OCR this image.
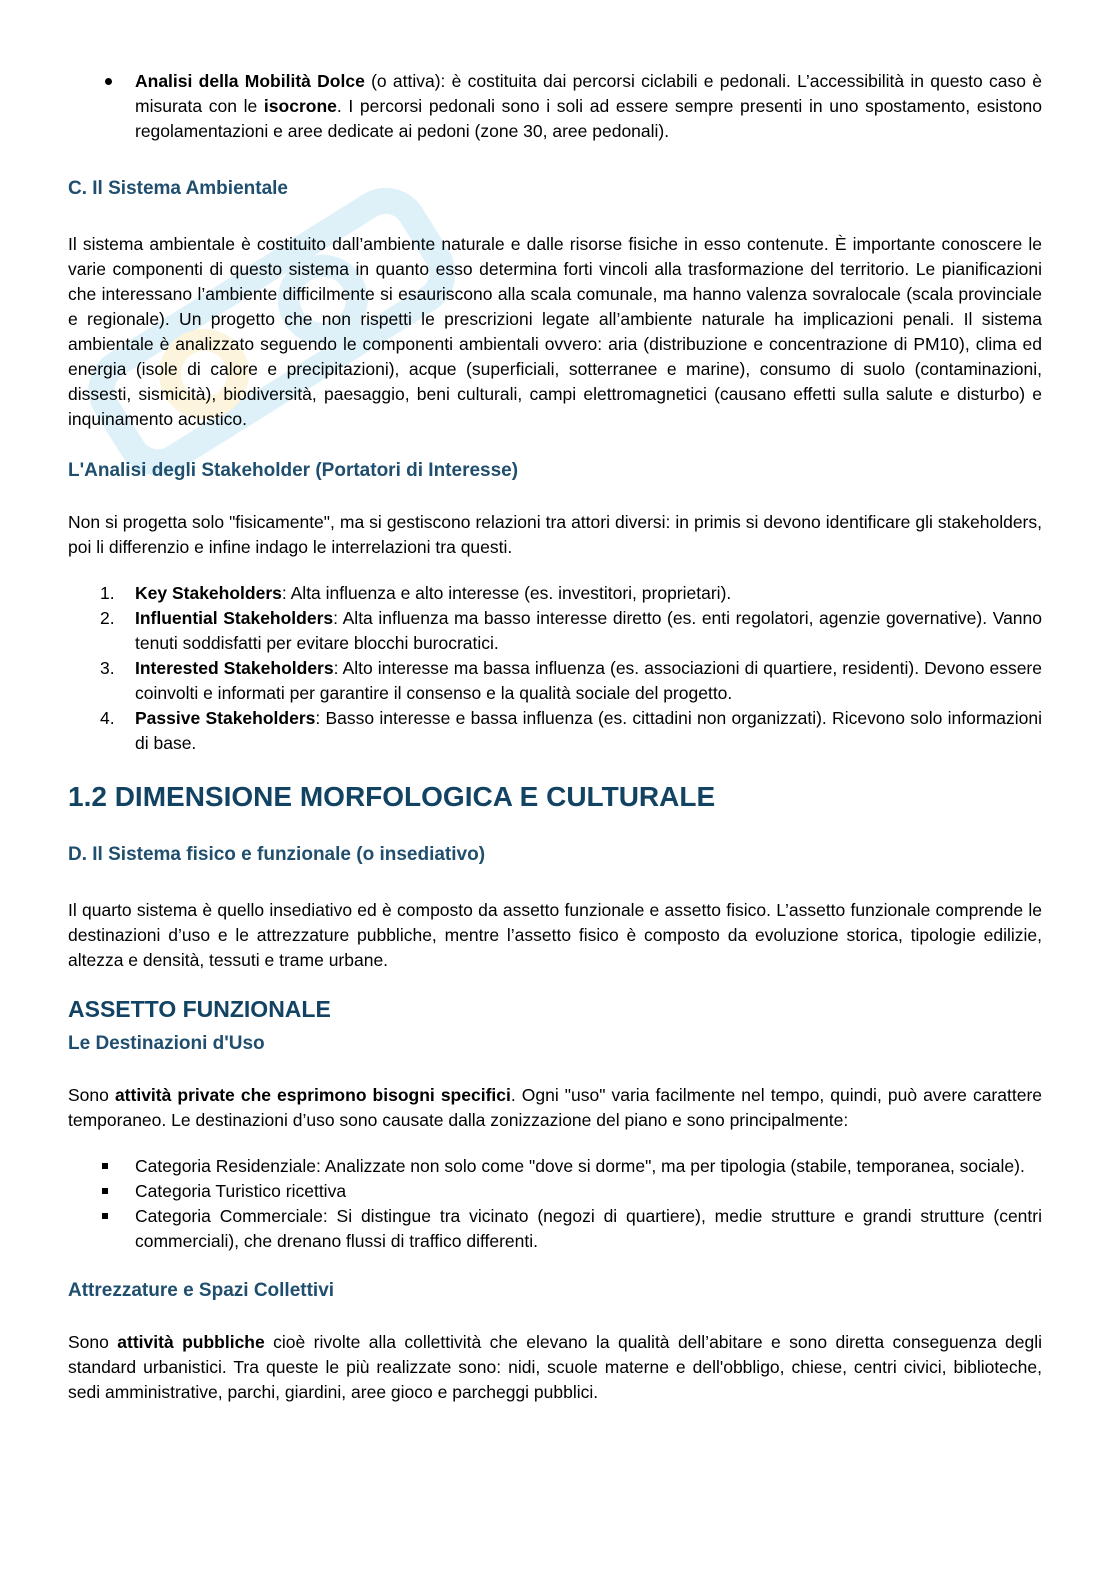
Analisi della Mobilità Dolce (o attiva): è costituita dai percorsi ciclabili e pedonali. L’accessibilità in questo caso è misurata con le isocrone. I percorsi pedonali sono i soli ad essere sempre presenti in uno spostamento, esistono regolamentazioni e aree dedicate ai pedoni (zone 30, aree pedonali).
C. Il Sistema Ambientale

Il sistema ambientale è costituito dall’ambiente naturale e dalle risorse fisiche in esso contenute. È importante conoscere le varie componenti di questo sistema in quanto esso determina forti vincoli alla trasformazione del territorio. Le pianificazioni che interessano l’ambiente difficilmente si esauriscono alla scala comunale, ma hanno valenza sovralocale (scala provinciale e regionale). Un progetto che non rispetti le prescrizioni legate all’ambiente naturale ha implicazioni penali. Il sistema ambientale è analizzato seguendo le componenti ambientali ovvero: aria (distribuzione e concentrazione di PM10), clima ed energia (isole di calore e precipitazioni), acque (superficiali, sotterranee e marine), consumo di suolo (contaminazioni, dissesti, sismicità), biodiversità, paesaggio, beni culturali, campi elettromagnetici (causano effetti sulla salute e disturbo) e inquinamento acustico.

L'Analisi degli Stakeholder (Portatori di Interesse)

Non si progetta solo "fisicamente", ma si gestiscono relazioni tra attori diversi: in primis si devono identificare gli stakeholders, poi li differenzio e infine indago le interrelazioni tra questi.

1. Key Stakeholders: Alta influenza e alto interesse (es. investitori, proprietari).
2. Influential Stakeholders: Alta influenza ma basso interesse diretto (es. enti regolatori, agenzie governative). Vanno tenuti soddisfatti per evitare blocchi burocratici.
3. Interested Stakeholders: Alto interesse ma bassa influenza (es. associazioni di quartiere, residenti). Devono essere coinvolti e informati per garantire il consenso e la qualità sociale del progetto.
4. Passive Stakeholders: Basso interesse e bassa influenza (es. cittadini non organizzati). Ricevono solo informazioni di base.
1.2 DIMENSIONE MORFOLOGICA E CULTURALE
D. Il Sistema fisico e funzionale (o insediativo)

Il quarto sistema è quello insediativo ed è composto da assetto funzionale e assetto fisico. L’assetto funzionale comprende le destinazioni d’uso e le attrezzature pubbliche, mentre l’assetto fisico è composto da evoluzione storica, tipologie edilizie, altezza e densità, tessuti e trame urbane.

ASSETTO FUNZIONALE
Le Destinazioni d'Uso

Sono attività private che esprimono bisogni specifici. Ogni "uso" varia facilmente nel tempo, quindi, può avere carattere temporaneo. Le destinazioni d’uso sono causate dalla zonizzazione del piano e sono principalmente:

Categoria Residenziale: Analizzate non solo come "dove si dorme", ma per tipologia (stabile, temporanea, sociale).
Categoria Turistico ricettiva
Categoria Commerciale: Si distingue tra vicinato (negozi di quartiere), medie strutture e grandi strutture (centri commerciali), che drenano flussi di traffico differenti.
Attrezzature e Spazi Collettivi

Sono attività pubbliche cioè rivolte alla collettività che elevano la qualità dell’abitare e sono diretta conseguenza degli standard urbanistici. Tra queste le più realizzate sono: nidi, scuole materne e dell'obbligo, chiese, centri civici, biblioteche, sedi amministrative, parchi, giardini, aree gioco e parcheggi pubblici.
